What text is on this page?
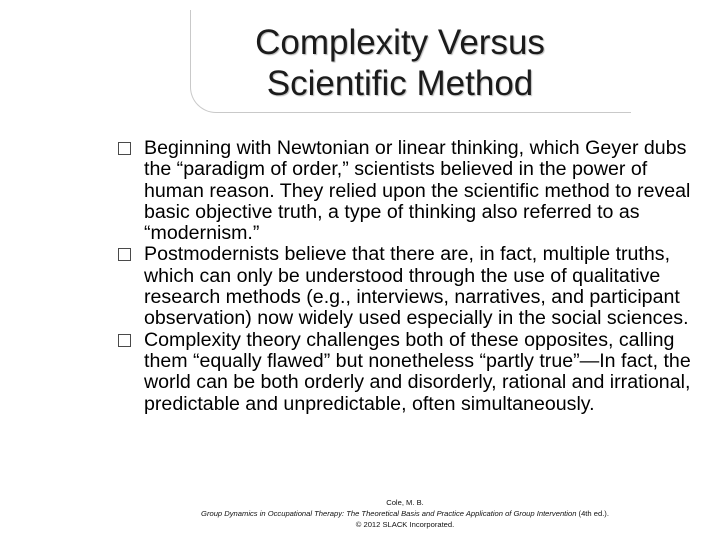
Complexity Versus
Scientific Method

Beginning with Newtonian or linear thinking, which Geyer dubs the “paradigm of order,” scientists believed in the power of human reason. They relied upon the scientific method to reveal basic objective truth, a type of thinking also referred to as “modernism.”

Postmodernists believe that there are, in fact, multiple truths, which can only be understood through the use of qualitative research methods (e.g., interviews, narratives, and participant observation) now widely used especially in the social sciences.

Complexity theory challenges both of these opposites, calling them “equally flawed” but nonetheless “partly true”—In fact, the world can be both orderly and disorderly, rational and irrational, predictable and unpredictable, often simultaneously.

Cole, M. B.
Group Dynamics in Occupational Therapy: The Theoretical Basis and Practice Application of Group Intervention (4th ed.).
© 2012 SLACK Incorporated.
